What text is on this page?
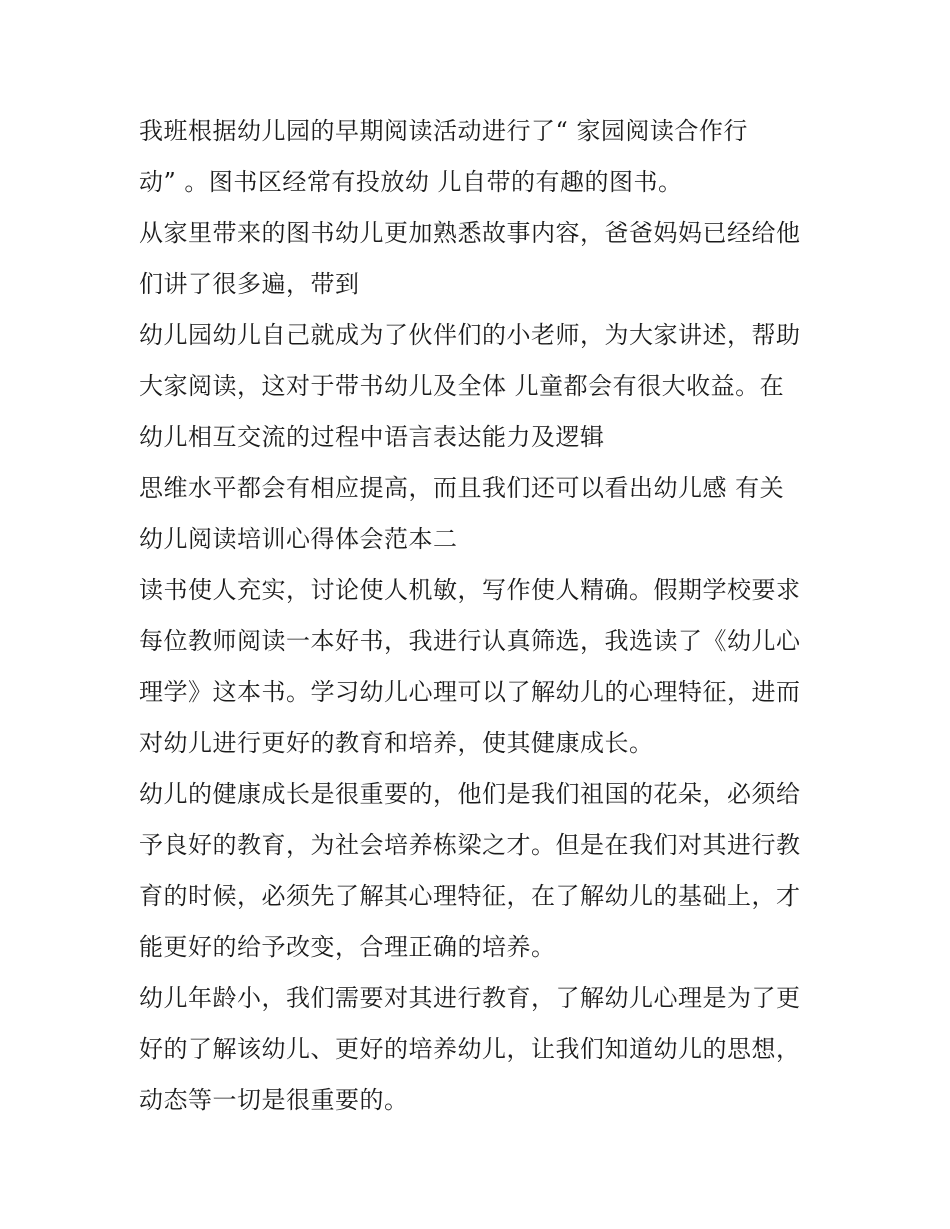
我班根据幼儿园的早期阅读活动进行了“ 家园阅读合作行
动” 。图书区经常有投放幼 儿自带的有趣的图书。
从家里带来的图书幼儿更加熟悉故事内容，爸爸妈妈已经给他
们讲了很多遍，带到
幼儿园幼儿自己就成为了伙伴们的小老师，为大家讲述，帮助
大家阅读，这对于带书幼儿及全体 儿童都会有很大收益。在
幼儿相互交流的过程中语言表达能力及逻辑
思维水平都会有相应提高，而且我们还可以看出幼儿感 有关
幼儿阅读培训心得体会范本二
读书使人充实，讨论使人机敏，写作使人精确。假期学校要求
每位教师阅读一本好书，我进行认真筛选，我选读了《幼儿心
理学》这本书。学习幼儿心理可以了解幼儿的心理特征，进而
对幼儿进行更好的教育和培养，使其健康成长。
幼儿的健康成长是很重要的，他们是我们祖国的花朵，必须给
予良好的教育，为社会培养栋梁之才。但是在我们对其进行教
育的时候，必须先了解其心理特征，在了解幼儿的基础上，才
能更好的给予改变，合理正确的培养。
幼儿年龄小，我们需要对其进行教育，了解幼儿心理是为了更
好的了解该幼儿、更好的培养幼儿，让我们知道幼儿的思想，
动态等一切是很重要的。
